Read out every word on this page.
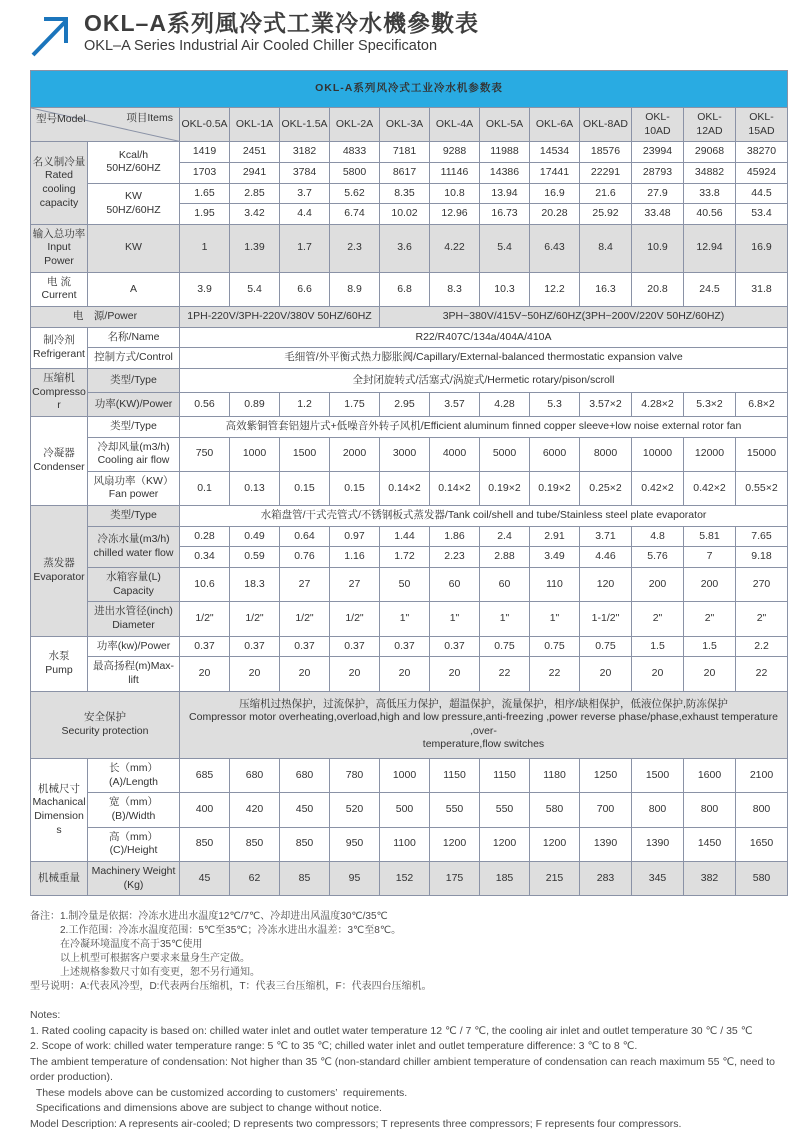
OKL–A系列風冷式工業冷水機參數表
OKL–A Series Industrial Air Cooled Chiller Specificaton
OKL-A系列风冷式工业冷水机参数表													

型号Model 项目Items		OKL-0.5A	OKL-1A	OKL-1.5A	OKL-2A	OKL-3A	OKL-4A	OKL-5A	OKL-6A	OKL-8AD	OKL-10AD	OKL-12AD	OKL-15AD
名义制冷量
Rated
cooling
capacity	Kcal/h
50HZ/60HZ	1419	2451	3182	4833	7181	9288	11988	14534	18576	23994	29068	38270
		1703	2941	3784	5800	8617	11146	14386	17441	22291	28793	34882	45924
	KW
50HZ/60HZ	1.65	2.85	3.7	5.62	8.35	10.8	13.94	16.9	21.6	27.9	33.8	44.5
		1.95	3.42	4.4	6.74	10.02	12.96	16.73	20.28	25.92	33.48	40.56	53.4
输入总功率
Input Power	KW	1	1.39	1.7	2.3	3.6	4.22	5.4	6.43	8.4	10.9	12.94	16.9
电 流
Current	A	3.9	5.4	6.6	8.9	6.8	8.3	10.3	12.2	16.3	20.8	24.5	31.8
电　源/Power		1PH-220V/3PH-220V/380V 50HZ/60HZ				3PH~380V/415V~50HZ/60HZ(3PH~200V/220V 50HZ/60HZ)							
制冷剂
Refrigerant	名称/Name	R22/R407C/134a/404A/410A											
	控制方式/Control	毛细管/外平衡式热力膨胀阀/Capillary/External-balanced thermostatic expansion valve											
压缩机
Compressor	类型/Type	全封闭旋转式/活塞式/涡旋式/Hermetic rotary/pison/scroll											
	功率(KW)/Power	0.56	0.89	1.2	1.75	2.95	3.57	4.28	5.3	3.57×2	4.28×2	5.3×2	6.8×2
冷凝器
Condenser	类型/Type	高效紫铜管套铝翅片式+低噪音外转子风机/Efficient aluminum finned copper sleeve+low noise external rotor fan											
	冷却风量(m3/h)
Cooling air flow	750	1000	1500	2000	3000	4000	5000	6000	8000	10000	12000	15000
	风扇功率（KW）
Fan power	0.1	0.13	0.15	0.15	0.14×2	0.14×2	0.19×2	0.19×2	0.25×2	0.42×2	0.42×2	0.55×2
蒸发器
Evaporator	类型/Type	水箱盘管/干式壳管式/不锈钢板式蒸发器/Tank coil/shell and tube/Stainless steel plate evaporator											
	冷冻水量(m3/h)
chilled water flow	0.28	0.49	0.64	0.97	1.44	1.86	2.4	2.91	3.71	4.8	5.81	7.65
		0.34	0.59	0.76	1.16	1.72	2.23	2.88	3.49	4.46	5.76	7	9.18
	水箱容量(L)
Capacity	10.6	18.3	27	27	50	60	60	110	120	200	200	270
	进出水管径(inch)
Diameter	1/2"	1/2"	1/2"	1/2"	1"	1"	1"	1"	1-1/2"	2"	2"	2"
水泵
Pump	功率(kw)/Power	0.37	0.37	0.37	0.37	0.37	0.37	0.75	0.75	0.75	1.5	1.5	2.2
	最高扬程(m)Max-lift	20	20	20	20	20	20	22	22	20	20	20	22
安全保护
Security protection		压缩机过热保护，过流保护，高低压力保护，超温保护，流量保护，相序/缺相保护，低液位保护,防冻保护
Compressor motor overheating,overload,high and low pressure,anti-freezing ,power reverse phase/phase,exhaust temperature ,over-
temperature,flow switches											
机械尺寸
Machanical
Dimensions	长（mm）(A)/Length	685	680	680	780	1000	1150	1150	1180	1250	1500	1600	2100
	宽（mm）(B)/Width	400	420	450	520	500	550	550	580	700	800	800	800
	高（mm）(C)/Height	850	850	850	950	1100	1200	1200	1200	1390	1390	1450	1650
机械重量	Machinery Weight
(Kg)	45	62	85	95	152	175	185	215	283	345	382	580
备注：1.制冷量是依据：冷冻水进出水温度12℃/7℃、冷却进出风温度30℃/35℃
　　　2.工作范围：冷冻水温度范围：5℃至35℃；冷冻水进出水温差：3℃至8℃。
　　　在冷凝环境温度不高于35℃使用
　　　以上机型可根据客户要求来量身生产定做。
　　　上述规格参数尺寸如有变更，恕不另行通知。
型号说明：A:代表风冷型，D:代表两台压缩机，T：代表三台压缩机，F：代表四台压缩机。
Notes:
1. Rated cooling capacity is based on: chilled water inlet and outlet water temperature 12 ℃ / 7 ℃, the cooling air inlet and outlet temperature 30 ℃ / 35 ℃
2. Scope of work: chilled water temperature range: 5 ℃ to 35 ℃; chilled water inlet and outlet temperature difference: 3 ℃ to 8 ℃.
The ambient temperature of condensation: Not higher than 35 ℃ (non-standard chiller ambient temperature of condensation can reach maximum 55 ℃, need to order production).
These models above can be customized according to customers’  requirements.
Specifications and dimensions above are subject to change without notice.
Model Description: A represents air-cooled; D represents two compressors; T represents three compressors; F represents four compressors.
